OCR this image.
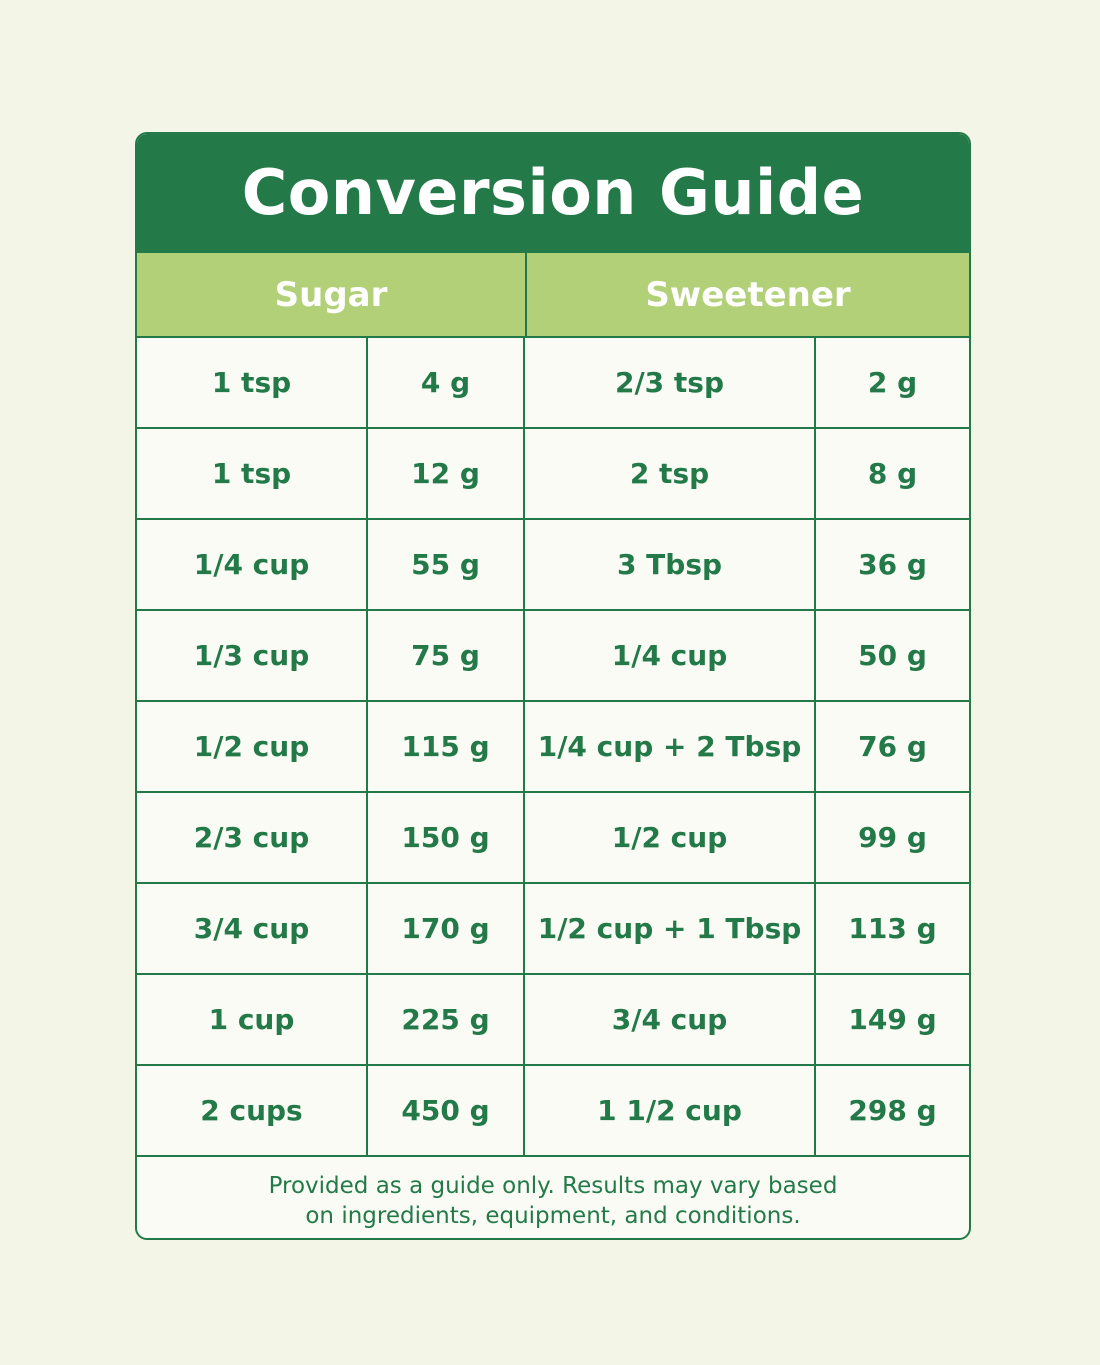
Conversion Guide
Sugar	Sweetener
1 tsp	4 g	2/3 tsp	2 g
1 tsp	12 g	2 tsp	8 g
1/4 cup	55 g	3 Tbsp	36 g
1/3 cup	75 g	1/4 cup	50 g
1/2 cup	115 g	1/4 cup + 2 Tbsp	76 g
2/3 cup	150 g	1/2 cup	99 g
3/4 cup	170 g	1/2 cup + 1 Tbsp	113 g
1 cup	225 g	3/4 cup	149 g
2 cups	450 g	1 1/2 cup	298 g
Provided as a guide only. Results may vary based
on ingredients, equipment, and conditions.
